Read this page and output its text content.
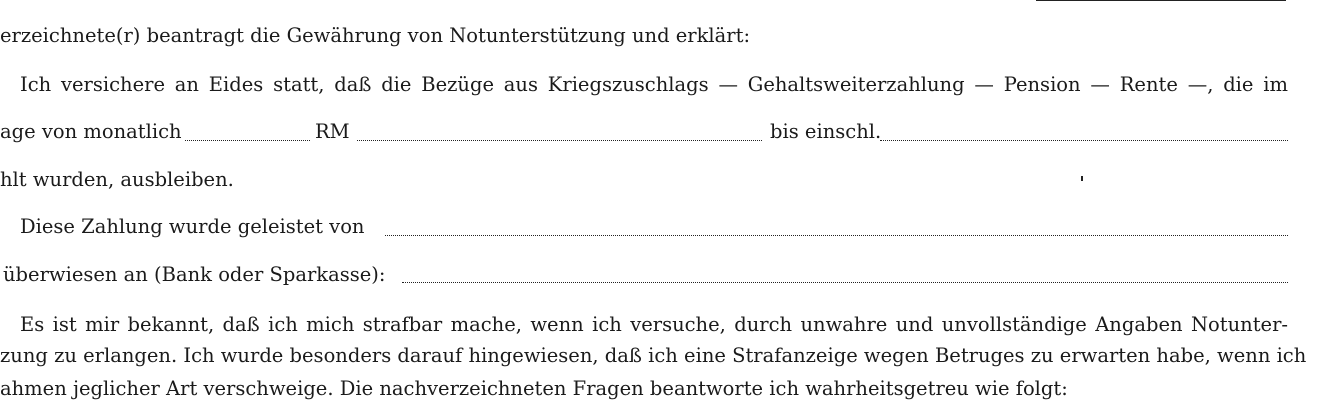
erzeichnete(r) beantragt die Gewährung von Notunterstützung und erklärt:
Ich versichere an Eides statt, daß die Bezüge aus Kriegszuschlags — Gehaltsweiterzahlung — Pension — Rente —, die im
age von monatlich	RM	bis einschl.
hlt wurden, ausbleiben.
Diese Zahlung wurde geleistet von
überwiesen an (Bank oder Sparkasse):
Es ist mir bekannt, daß ich mich strafbar mache, wenn ich versuche, durch unwahre und unvollständige Angaben Notunter-
zung zu erlangen. Ich wurde besonders darauf hingewiesen, daß ich eine Strafanzeige wegen Betruges zu erwarten habe, wenn ich
ahmen jeglicher Art verschweige. Die nachverzeichneten Fragen beantworte ich wahrheitsgetreu wie folgt:
